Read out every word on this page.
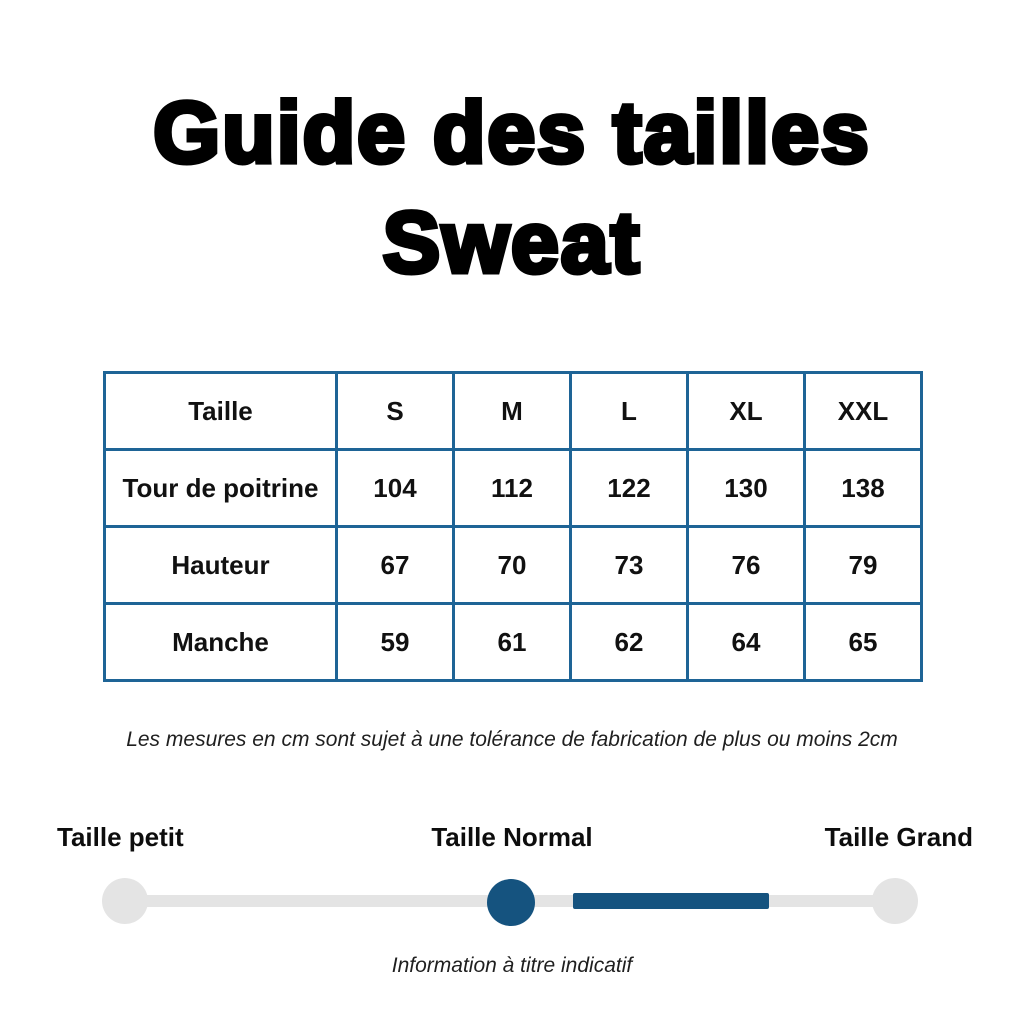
Guide des tailles
Sweat
Taille	S	M	L	XL	XXL
Tour de poitrine	104	112	122	130	138
Hauteur	67	70	73	76	79
Manche	59	61	62	64	65
Les mesures en cm sont sujet à une tolérance de fabrication de plus ou moins 2cm
Taille petit	Taille Normal	Taille Grand
Information à titre indicatif
